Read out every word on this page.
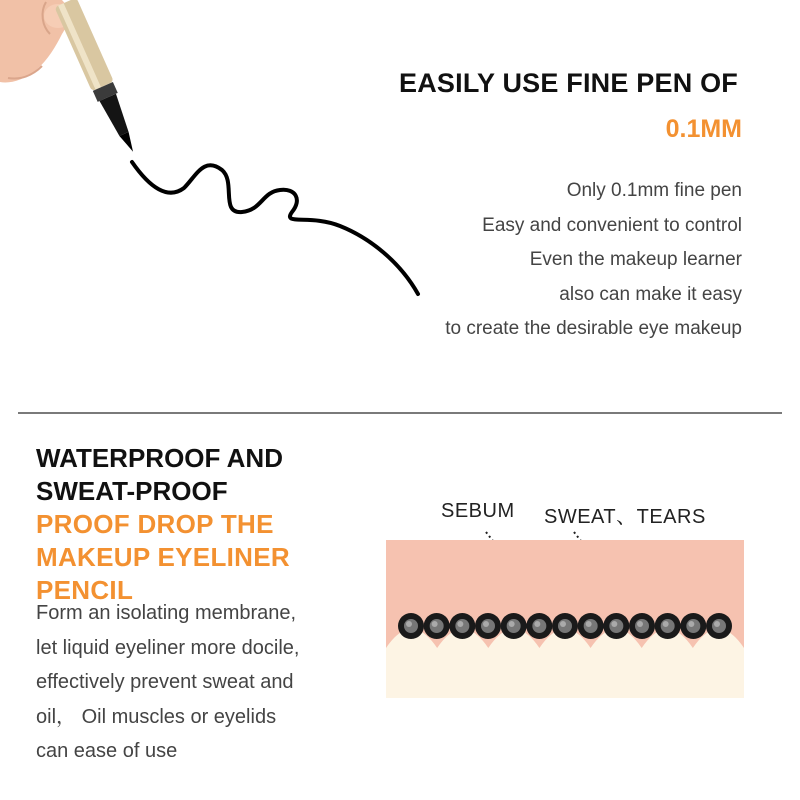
EASILY USE FINE PEN OF
0.1MM
Only 0.1mm fine pen
Easy and convenient to control
Even the makeup learner
also can make it easy
to create the desirable eye makeup
WATERPROOF AND
SWEAT-PROOF
PROOF DROP THE
MAKEUP EYELINER
PENCIL
Form an isolating membrane,
let liquid eyeliner more docile,
effectively prevent sweat and
oil， Oil muscles or eyelids
can ease of use
SEBUM SWEAT、TEARS
